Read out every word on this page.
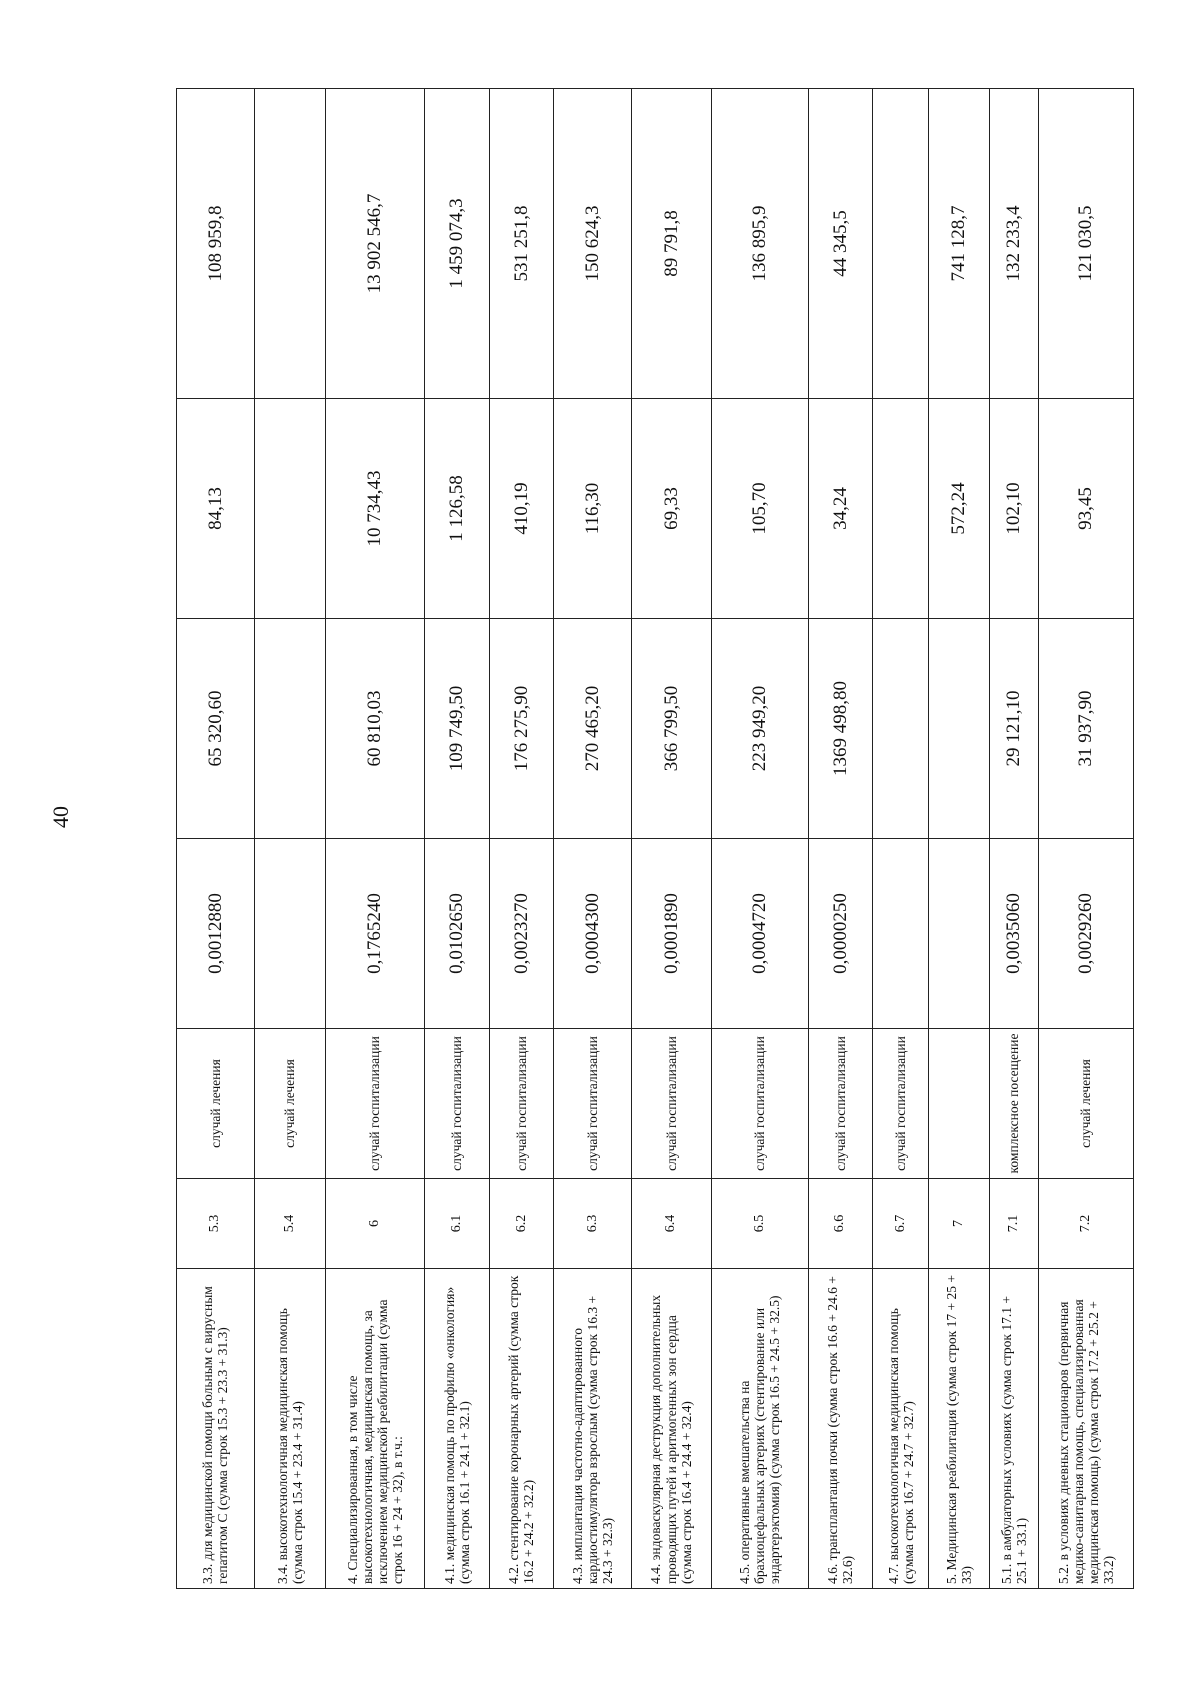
40
3.3. для медицинской помощи больным с вирусным гепатитом С (сумма строк 15.3 + 23.3 + 31.3)	5.3	случай лечения	0,0012880	65 320,60	84,13	108 959,8
3.4. высокотехнологичная медицинская помощь (сумма строк 15.4 + 23.4 + 31.4)	5.4	случай лечения				
4. Специализированная, в том числе высокотехнологичная, медицинская помощь, за исключением медицинской реабилитации (сумма строк 16 + 24 + 32), в т.ч.:	6	случай госпитализации	0,1765240	60 810,03	10 734,43	13 902 546,7
4.1. медицинская помощь по профилю «онкология» (сумма строк 16.1 + 24.1 + 32.1)	6.1	случай госпитализации	0,0102650	109 749,50	1 126,58	1 459 074,3
4.2. стентирование коронарных артерий (сумма строк 16.2 + 24.2 + 32.2)	6.2	случай госпитализации	0,0023270	176 275,90	410,19	531 251,8
4.3. имплантация частотно-адаптированного кардиостимулятора взрослым (сумма строк 16.3 + 24.3 + 32.3)	6.3	случай госпитализации	0,0004300	270 465,20	116,30	150 624,3
4.4. эндоваскулярная деструкция дополнительных проводящих путей и аритмогенных зон сердца (сумма строк 16.4 + 24.4 + 32.4)	6.4	случай госпитализации	0,0001890	366 799,50	69,33	89 791,8
4.5. оперативные вмешательства на брахиоцефальных артериях (стентирование или эндартерэктомия) (сумма строк 16.5 + 24.5 + 32.5)	6.5	случай госпитализации	0,0004720	223 949,20	105,70	136 895,9
4.6. трансплантация почки (сумма строк 16.6 + 24.6 + 32.6)	6.6	случай госпитализации	0,0000250	1369 498,80	34,24	44 345,5
4.7. высокотехнологичная медицинская помощь (сумма строк 16.7 + 24.7 + 32.7)	6.7	случай госпитализации				
5. Медицинская реабилитация (сумма строк 17 + 25 + 33)	7				572,24	741 128,7
5.1. в амбулаторных условиях (сумма строк 17.1 + 25.1 + 33.1)	7.1	комплексное посещение	0,0035060	29 121,10	102,10	132 233,4
5.2. в условиях дневных стационаров (первичная медико-санитарная помощь, специализированная медицинская помощь) (сумма строк 17.2 + 25.2 + 33.2)	7.2	случай лечения	0,0029260	31 937,90	93,45	121 030,5
